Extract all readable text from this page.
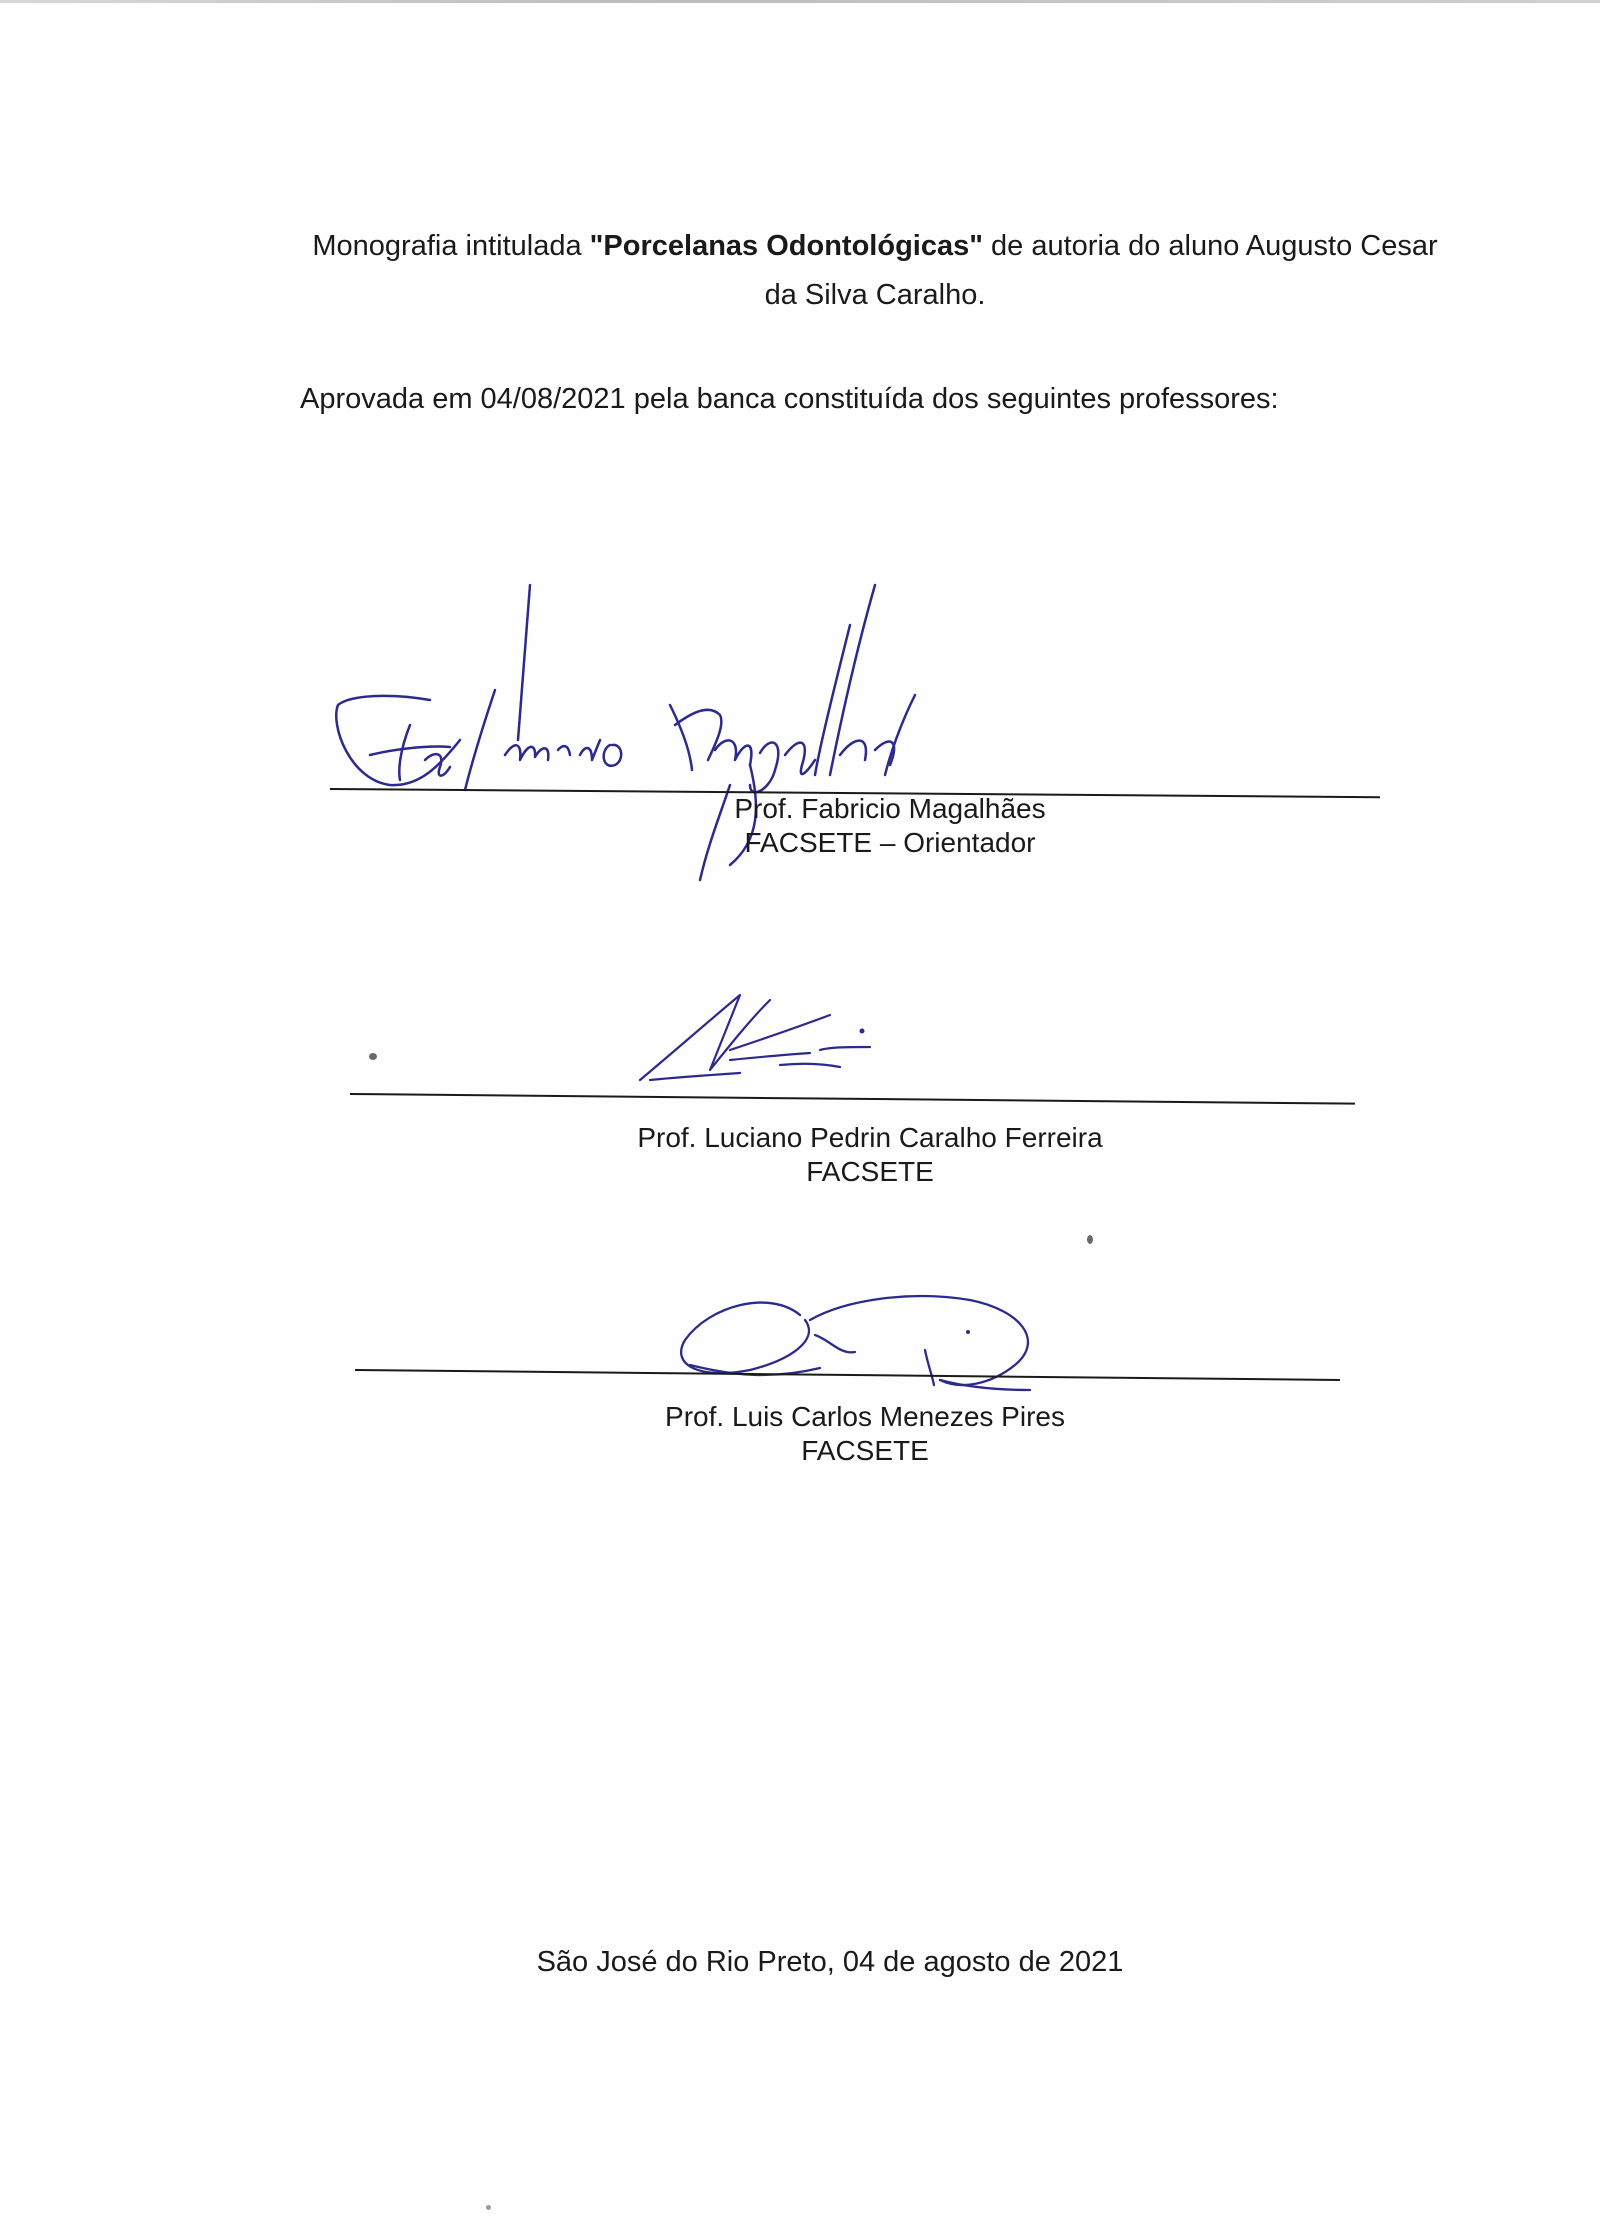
Monografia intitulada "Porcelanas Odontológicas" de autoria do aluno Augusto Cesar da Silva Caralho.
Aprovada em 04/08/2021 pela banca constituída dos seguintes professores:
Prof. Fabricio Magalhães
FACSETE – Orientador
Prof. Luciano Pedrin Caralho Ferreira
FACSETE
Prof. Luis Carlos Menezes Pires
FACSETE
São José do Rio Preto, 04 de agosto de 2021
